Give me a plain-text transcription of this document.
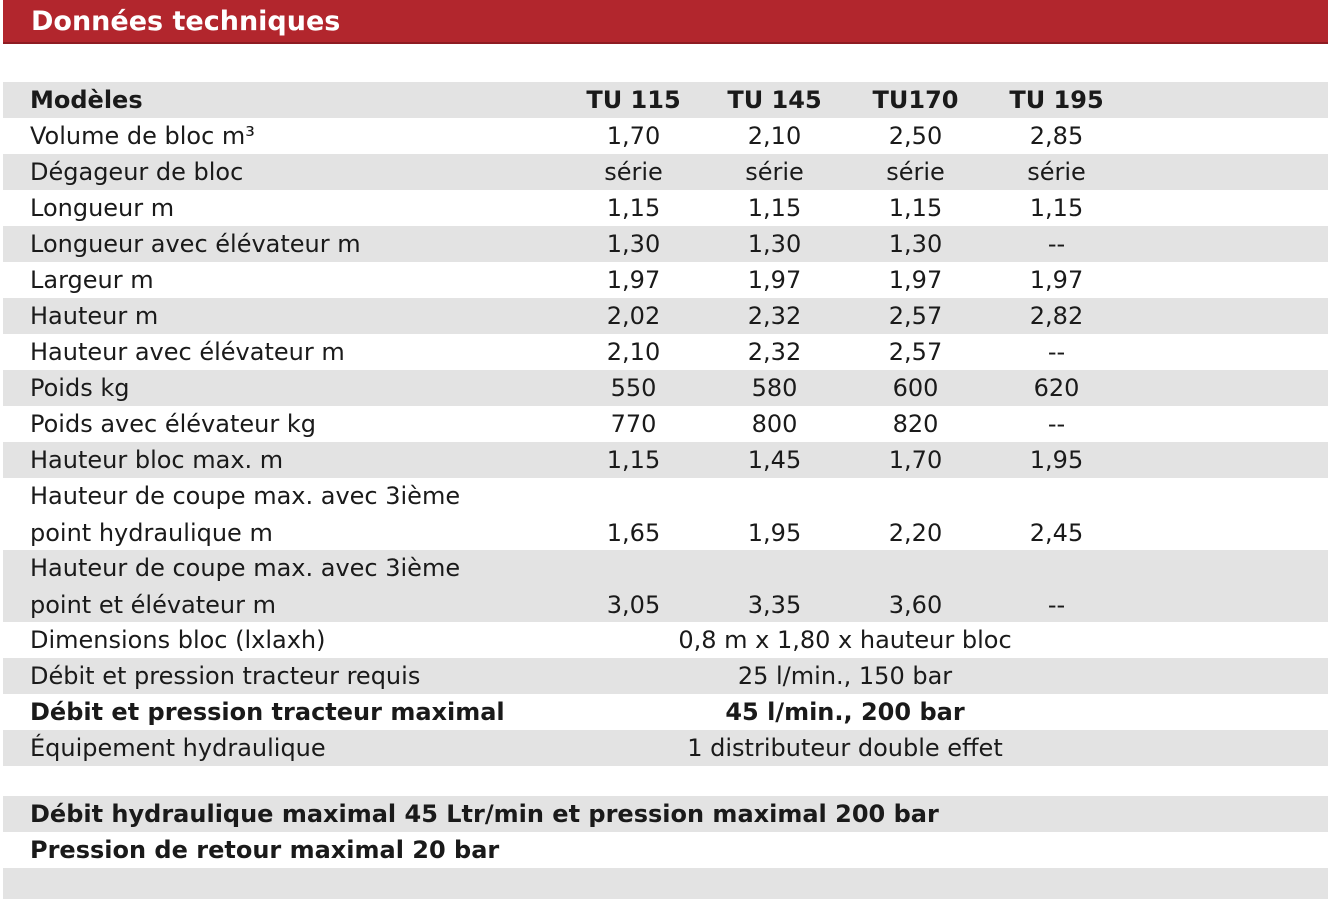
Données techniques
Modèles	TU 115	TU 145	TU170	TU 195
Volume de bloc m³	1,70	2,10	2,50	2,85
Dégageur de bloc	série	série	série	série
Longueur m	1,15	1,15	1,15	1,15
Longueur avec élévateur m	1,30	1,30	1,30	--
Largeur m	1,97	1,97	1,97	1,97
Hauteur m	2,02	2,32	2,57	2,82
Hauteur avec élévateur m	2,10	2,32	2,57	--
Poids kg	550	580	600	620
Poids avec élévateur kg	770	800	820	--
Hauteur bloc max. m	1,15	1,45	1,70	1,95
Hauteur de coupe max. avec 3ième
point hydraulique m	1,65	1,95	2,20	2,45
Hauteur de coupe max. avec 3ième
point et élévateur m	3,05	3,35	3,60	--
Dimensions bloc (lxlaxh)	0,8 m x 1,80 x hauteur bloc
Débit et pression tracteur requis	25 l/min., 150 bar
Débit et pression tracteur maximal	45 l/min., 200 bar
Équipement hydraulique	1 distributeur double effet
Débit hydraulique maximal 45 Ltr/min et pression maximal 200 bar
Pression de retour maximal 20 bar
